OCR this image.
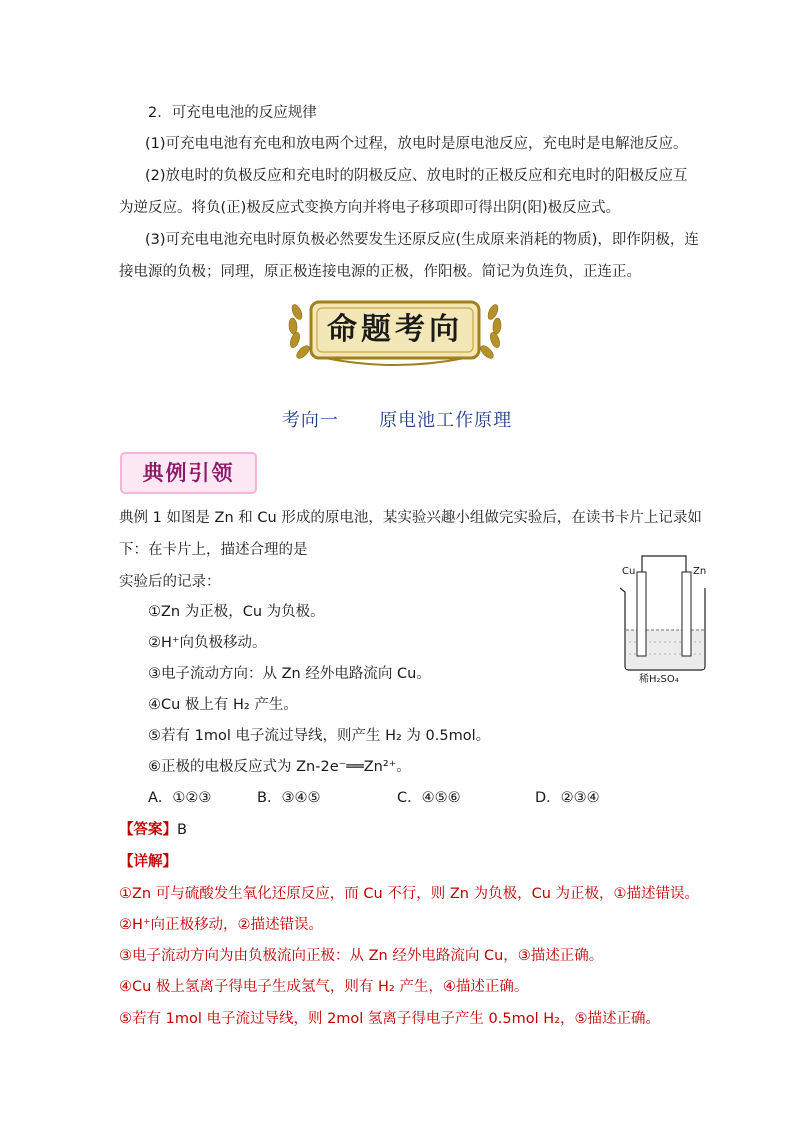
2．可充电电池的反应规律
(1)可充电电池有充电和放电两个过程，放电时是原电池反应，充电时是电解池反应。
(2)放电时的负极反应和充电时的阴极反应、放电时的正极反应和充电时的阳极反应互
为逆反应。将负(正)极反应式变换方向并将电子移项即可得出阴(阳)极反应式。
(3)可充电电池充电时原负极必然要发生还原反应(生成原来消耗的物质)，即作阴极，连
接电源的负极；同理，原正极连接电源的正极，作阳极。简记为负连负，正连正。
命题考向
考向一      原电池工作原理
典例引领
典例 1 如图是 Zn 和 Cu 形成的原电池，某实验兴趣小组做完实验后，在读书卡片上记录如
下：在卡片上，描述合理的是
实验后的记录：
①Zn 为正极，Cu 为负极。
②H⁺向负极移动。
③电子流动方向：从 Zn 经外电路流向 Cu。
④Cu 极上有 H₂ 产生。
⑤若有 1mol 电子流过导线，则产生 H₂ 为 0.5mol。
⑥正极的电极反应式为 Zn-2e⁻══Zn²⁺。
A．①②③	B．③④⑤	C．④⑤⑥	D．②③④
Cu	Zn
稀H₂SO₄
【答案】B
【详解】
①Zn 可与硫酸发生氧化还原反应，而 Cu 不行，则 Zn 为负极，Cu 为正极，①描述错误。
②H⁺向正极移动，②描述错误。
③电子流动方向为由负极流向正极：从 Zn 经外电路流向 Cu，③描述正确。
④Cu 极上氢离子得电子生成氢气，则有 H₂ 产生，④描述正确。
⑤若有 1mol 电子流过导线，则 2mol 氢离子得电子产生 0.5mol H₂，⑤描述正确。
